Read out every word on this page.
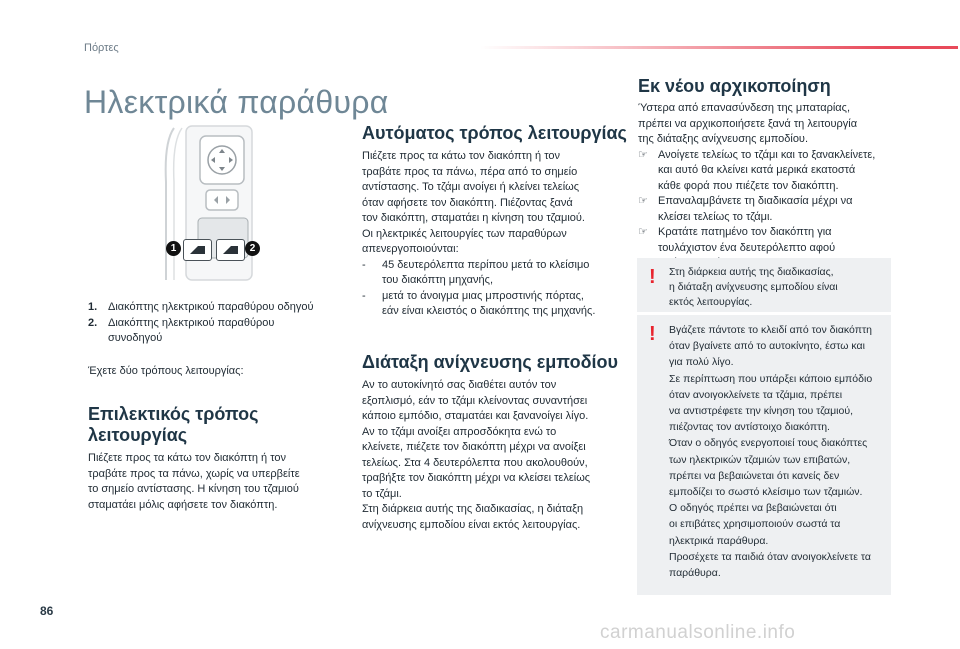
Πόρτες
Ηλεκτρικά παράθυρα
1	2
1. Διακόπτης ηλεκτρικού παραθύρου οδηγού
2. Διακόπτης ηλεκτρικού παραθύρου συνοδηγού
Έχετε δύο τρόπους λειτουργίας:
Επιλεκτικός τρόπος
λειτουργίας
Πιέζετε προς τα κάτω τον διακόπτη ή τον
τραβάτε προς τα πάνω, χωρίς να υπερβείτε
το σημείο αντίστασης. Η κίνηση του τζαμιού
σταματάει μόλις αφήσετε τον διακόπτη.
Αυτόματος τρόπος λειτουργίας
Πιέζετε προς τα κάτω τον διακόπτη ή τον
τραβάτε προς τα πάνω, πέρα από το σημείο
αντίστασης. Το τζάμι ανοίγει ή κλείνει τελείως
όταν αφήσετε τον διακόπτη. Πιέζοντας ξανά
τον διακόπτη, σταματάει η κίνηση του τζαμιού.
Οι ηλεκτρικές λειτουργίες των παραθύρων
απενεργοποιούνται:
- 45 δευτερόλεπτα περίπου μετά το κλείσιμο
του διακόπτη μηχανής,
- μετά το άνοιγμα μιας μπροστινής πόρτας,
εάν είναι κλειστός ο διακόπτης της μηχανής.
Διάταξη ανίχνευσης εμποδίου
Αν το αυτοκίνητό σας διαθέτει αυτόν τον
εξοπλισμό, εάν το τζάμι κλείνοντας συναντήσει
κάποιο εμπόδιο, σταματάει και ξανανοίγει λίγο.
Αν το τζάμι ανοίξει απροσδόκητα ενώ το
κλείνετε, πιέζετε τον διακόπτη μέχρι να ανοίξει
τελείως. Στα 4 δευτερόλεπτα που ακολουθούν,
τραβήξτε τον διακόπτη μέχρι να κλείσει τελείως
το τζάμι.
Στη διάρκεια αυτής της διαδικασίας, η διάταξη
ανίχνευσης εμποδίου είναι εκτός λειτουργίας.
Εκ νέου αρχικοποίηση
Ύστερα από επανασύνδεση της μπαταρίας,
πρέπει να αρχικοποιήσετε ξανά τη λειτουργία
της διάταξης ανίχνευσης εμποδίου.
☞ Ανοίγετε τελείως το τζάμι και το ξανακλείνετε,
και αυτό θα κλείνει κατά μερικά εκατοστά
κάθε φορά που πιέζετε τον διακόπτη.
☞ Επαναλαμβάνετε τη διαδικασία μέχρι να
κλείσει τελείως το τζάμι.
☞ Κρατάτε πατημένο τον διακόπτη για
τουλάχιστον ένα δευτερόλεπτο αφού
! Στη διάρκεια αυτής της διαδικασίας,
η διάταξη ανίχνευσης εμποδίου είναι
εκτός λειτουργίας.
! Βγάζετε πάντοτε το κλειδί από τον διακόπτη
όταν βγαίνετε από το αυτοκίνητο, έστω και
για πολύ λίγο.
Σε περίπτωση που υπάρξει κάποιο εμπόδιο
όταν ανοιγοκλείνετε τα τζάμια, πρέπει
να αντιστρέφετε την κίνηση του τζαμιού,
πιέζοντας τον αντίστοιχο διακόπτη.
Όταν ο οδηγός ενεργοποιεί τους διακόπτες
των ηλεκτρικών τζαμιών των επιβατών,
πρέπει να βεβαιώνεται ότι κανείς δεν
εμποδίζει το σωστό κλείσιμο των τζαμιών.
Ο οδηγός πρέπει να βεβαιώνεται ότι
οι επιβάτες χρησιμοποιούν σωστά τα
ηλεκτρικά παράθυρα.
Προσέχετε τα παιδιά όταν ανοιγοκλείνετε τα
παράθυρα.
86
carmanualsonline.info
